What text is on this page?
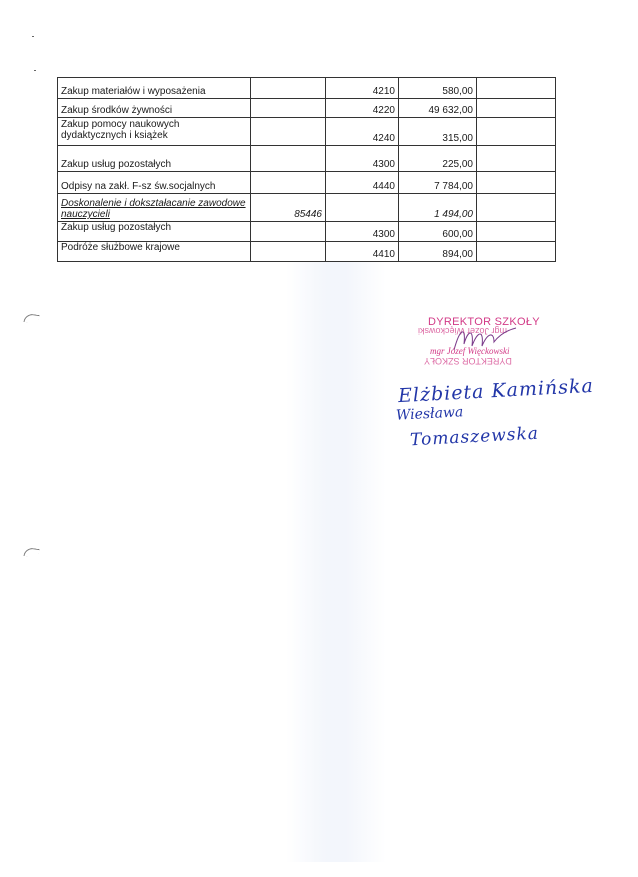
Zakup materiałów i wyposażenia		4210	580,00	
Zakup środków żywności		4220	49 632,00	
Zakup pomocy naukowych dydaktycznych i książek		4240	315,00	
Zakup usług pozostałych		4300	225,00	
Odpisy na zakł. F-sz św.socjalnych		4440	7 784,00	
Doskonalenie i dokształacanie zawodowe nauczycieli	85446		1 494,00	
Zakup usług pozostałych		4300	600,00	
Podróże służbowe krajowe		4410	894,00	
DYREKTOR SZKOŁY
mgr Józef Więckowski
mgr Józef Więckowski
DYREKTOR SZKOŁY
Elżbieta Kamińska
Wiesława
Tomaszewska
